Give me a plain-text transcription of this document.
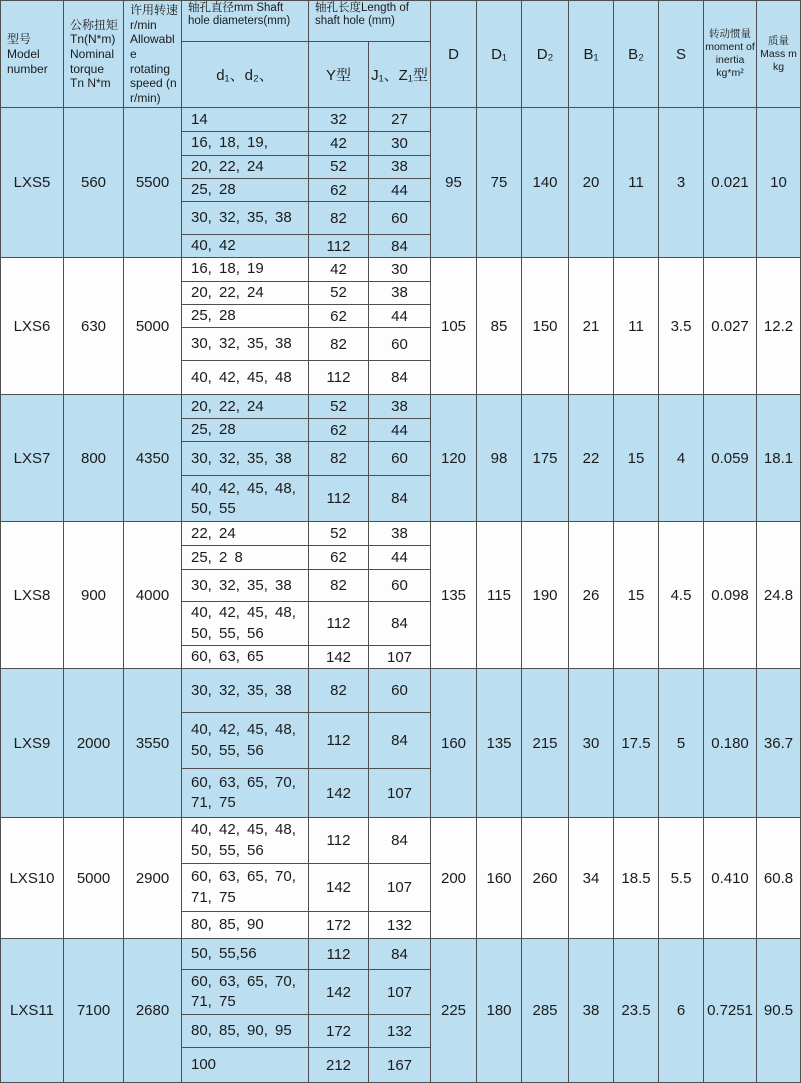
型号 Model number	公称扭矩 Tn(N*m) Nominal torque Tn N*m	许用转速r/min Allowable rotating speed (n r/min)	轴孔直径mm Shaft hole diameters(mm)	轴孔长度Length of shaft hole (mm)		D	D₁	D₂	B₁	B₂	S	转动惯量 moment of inertia kg*m²	质量 Mass m kg
			d₁、d₂、	Y型	J₁、Z₁型								
LXS5	560	5500	14	32	27	95	75	140	20	11	3	0.021	10
			16, 18, 19,	42	30								
			20, 22, 24	52	38								
			25, 28	62	44								
			30, 32, 35, 38	82	60								
			40, 42	112	84								
LXS6	630	5000	16, 18, 19	42	30	105	85	150	21	11	3.5	0.027	12.2
			20, 22, 24	52	38								
			25, 28	62	44								
			30, 32, 35, 38	82	60								
			40, 42, 45, 48	112	84								
LXS7	800	4350	20, 22, 24	52	38	120	98	175	22	15	4	0.059	18.1
			25, 28	62	44								
			30, 32, 35, 38	82	60								
			40, 42, 45, 48, 50, 55	112	84								
LXS8	900	4000	22, 24	52	38	135	115	190	26	15	4.5	0.098	24.8
			25, 2 8	62	44								
			30, 32, 35, 38	82	60								
			40, 42, 45, 48, 50, 55, 56	112	84								
			60, 63, 65	142	107								
LXS9	2000	3550	30, 32, 35, 38	82	60	160	135	215	30	17.5	5	0.180	36.7
			40, 42, 45, 48, 50, 55, 56	112	84								
			60, 63, 65, 70, 71, 75	142	107								
LXS10	5000	2900	40, 42, 45, 48, 50, 55, 56	112	84	200	160	260	34	18.5	5.5	0.410	60.8
			60, 63, 65, 70, 71, 75	142	107								
			80, 85, 90	172	132								
LXS11	7100	2680	50, 55,56	112	84	225	180	285	38	23.5	6	0.7251	90.5
			60, 63, 65, 70, 71, 75	142	107								
			80, 85, 90, 95	172	132								
			100	212	167								
